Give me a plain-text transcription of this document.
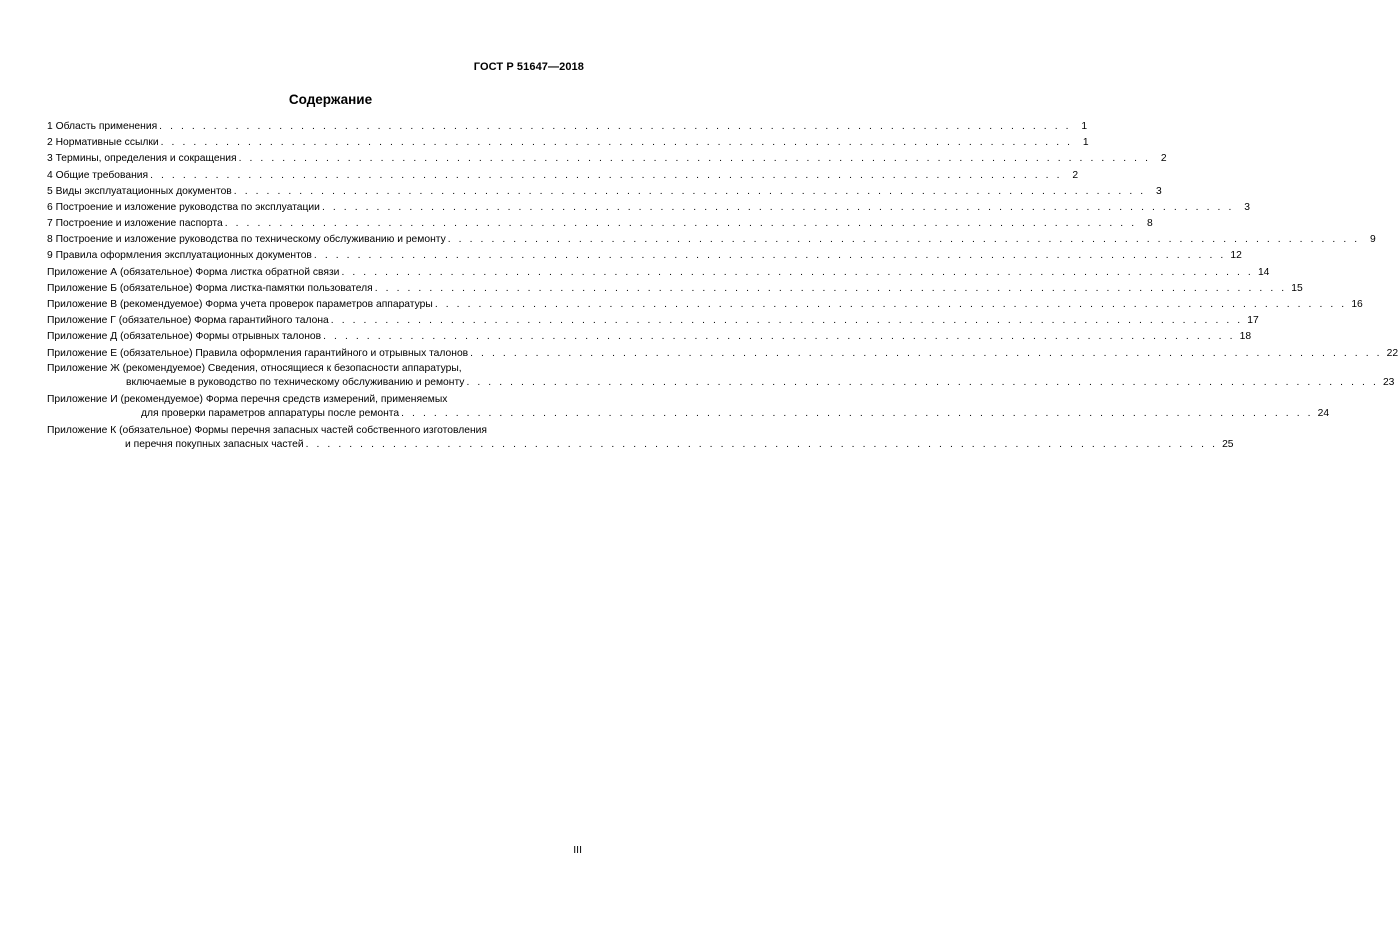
ГОСТ Р 51647—2018
Содержание
1 Область применения . . . . . . . . . . . . . . . . . . . . . . . . . . . . . . . . . . . . . . . . . . . . . . . . . . . . . . . . . . . . . . . . . . . . . . . . . . . . . . . . . . . . 1
2 Нормативные ссылки . . . . . . . . . . . . . . . . . . . . . . . . . . . . . . . . . . . . . . . . . . . . . . . . . . . . . . . . . . . . . . . . . . . . . . . . . . . . . . . . . . . . 1
3 Термины, определения и сокращения . . . . . . . . . . . . . . . . . . . . . . . . . . . . . . . . . . . . . . . . . . . . . . . . . . . . . . . . . . . . . . . . . . . . . . . . . . . . . . . . . . . . 2
4 Общие требования . . . . . . . . . . . . . . . . . . . . . . . . . . . . . . . . . . . . . . . . . . . . . . . . . . . . . . . . . . . . . . . . . . . . . . . . . . . . . . . . . . . . 2
5 Виды эксплуатационных документов . . . . . . . . . . . . . . . . . . . . . . . . . . . . . . . . . . . . . . . . . . . . . . . . . . . . . . . . . . . . . . . . . . . . . . . . . . . . . . . . . . . . 3
6 Построение и изложение руководства по эксплуатации . . . . . . . . . . . . . . . . . . . . . . . . . . . . . . . . . . . . . . . . . . . . . . . . . . . . . . . . . . . . . . . . . . . . . . . . . . . . . . . . . . . . 3
7 Построение и изложение паспорта . . . . . . . . . . . . . . . . . . . . . . . . . . . . . . . . . . . . . . . . . . . . . . . . . . . . . . . . . . . . . . . . . . . . . . . . . . . . . . . . . . . . 8
8 Построение и изложение руководства по техническому обслуживанию и ремонту . . . . . . . . . . . . . . . . . . . . . . . . . . . . . . . . . . . . . . . . . . . . . . . . . . . . . . . . . . . . . . . . . . . . . . . . . . . . . . . . . . . . 9
9 Правила оформления эксплуатационных документов . . . . . . . . . . . . . . . . . . . . . . . . . . . . . . . . . . . . . . . . . . . . . . . . . . . . . . . . . . . . . . . . . . . . . . . . . . . . . . . . . . . . 12
Приложение А (обязательное) Форма листка обратной связи . . . . . . . . . . . . . . . . . . . . . . . . . . . . . . . . . . . . . . . . . . . . . . . . . . . . . . . . . . . . . . . . . . . . . . . . . . . . . . . . . . . . 14
Приложение Б (обязательное) Форма листка-памятки пользователя . . . . . . . . . . . . . . . . . . . . . . . . . . . . . . . . . . . . . . . . . . . . . . . . . . . . . . . . . . . . . . . . . . . . . . . . . . . . . . . . . . . . 15
Приложение В (рекомендуемое) Форма учета проверок параметров аппаратуры . . . . . . . . . . . . . . . . . . . . . . . . . . . . . . . . . . . . . . . . . . . . . . . . . . . . . . . . . . . . . . . . . . . . . . . . . . . . . . . . . . . . 16
Приложение Г (обязательное) Форма гарантийного талона . . . . . . . . . . . . . . . . . . . . . . . . . . . . . . . . . . . . . . . . . . . . . . . . . . . . . . . . . . . . . . . . . . . . . . . . . . . . . . . . . . . . 17
Приложение Д (обязательное) Формы отрывных талонов . . . . . . . . . . . . . . . . . . . . . . . . . . . . . . . . . . . . . . . . . . . . . . . . . . . . . . . . . . . . . . . . . . . . . . . . . . . . . . . . . . . . 18
Приложение Е (обязательное) Правила оформления гарантийного и отрывных талонов . . . . . . . . . . . . . . . . . . . . . . . . . . . . . . . . . . . . . . . . . . . . . . . . . . . . . . . . . . . . . . . . . . . . . . . . . . . . . . . . . . . . 22
Приложение Ж (рекомендуемое) Сведения, относящиеся к безопасности аппаратуры,
включаемые в руководство по техническому обслуживанию и ремонту . . . . . . . . . . . . . . . . . . . . . . . . . . . . . . . . . . . . . . . . . . . . . . . . . . . . . . . . . . . . . . . . . . . . . . . . . . . . . . . . . . . . 23
Приложение И (рекомендуемое) Форма перечня средств измерений, применяемых
для проверки параметров аппаратуры после ремонта . . . . . . . . . . . . . . . . . . . . . . . . . . . . . . . . . . . . . . . . . . . . . . . . . . . . . . . . . . . . . . . . . . . . . . . . . . . . . . . . . . . . 24
Приложение К (обязательное) Формы перечня запасных частей собственного изготовления
и перечня покупных запасных частей . . . . . . . . . . . . . . . . . . . . . . . . . . . . . . . . . . . . . . . . . . . . . . . . . . . . . . . . . . . . . . . . . . . . . . . . . . . . . . . . . . . . 25
III
